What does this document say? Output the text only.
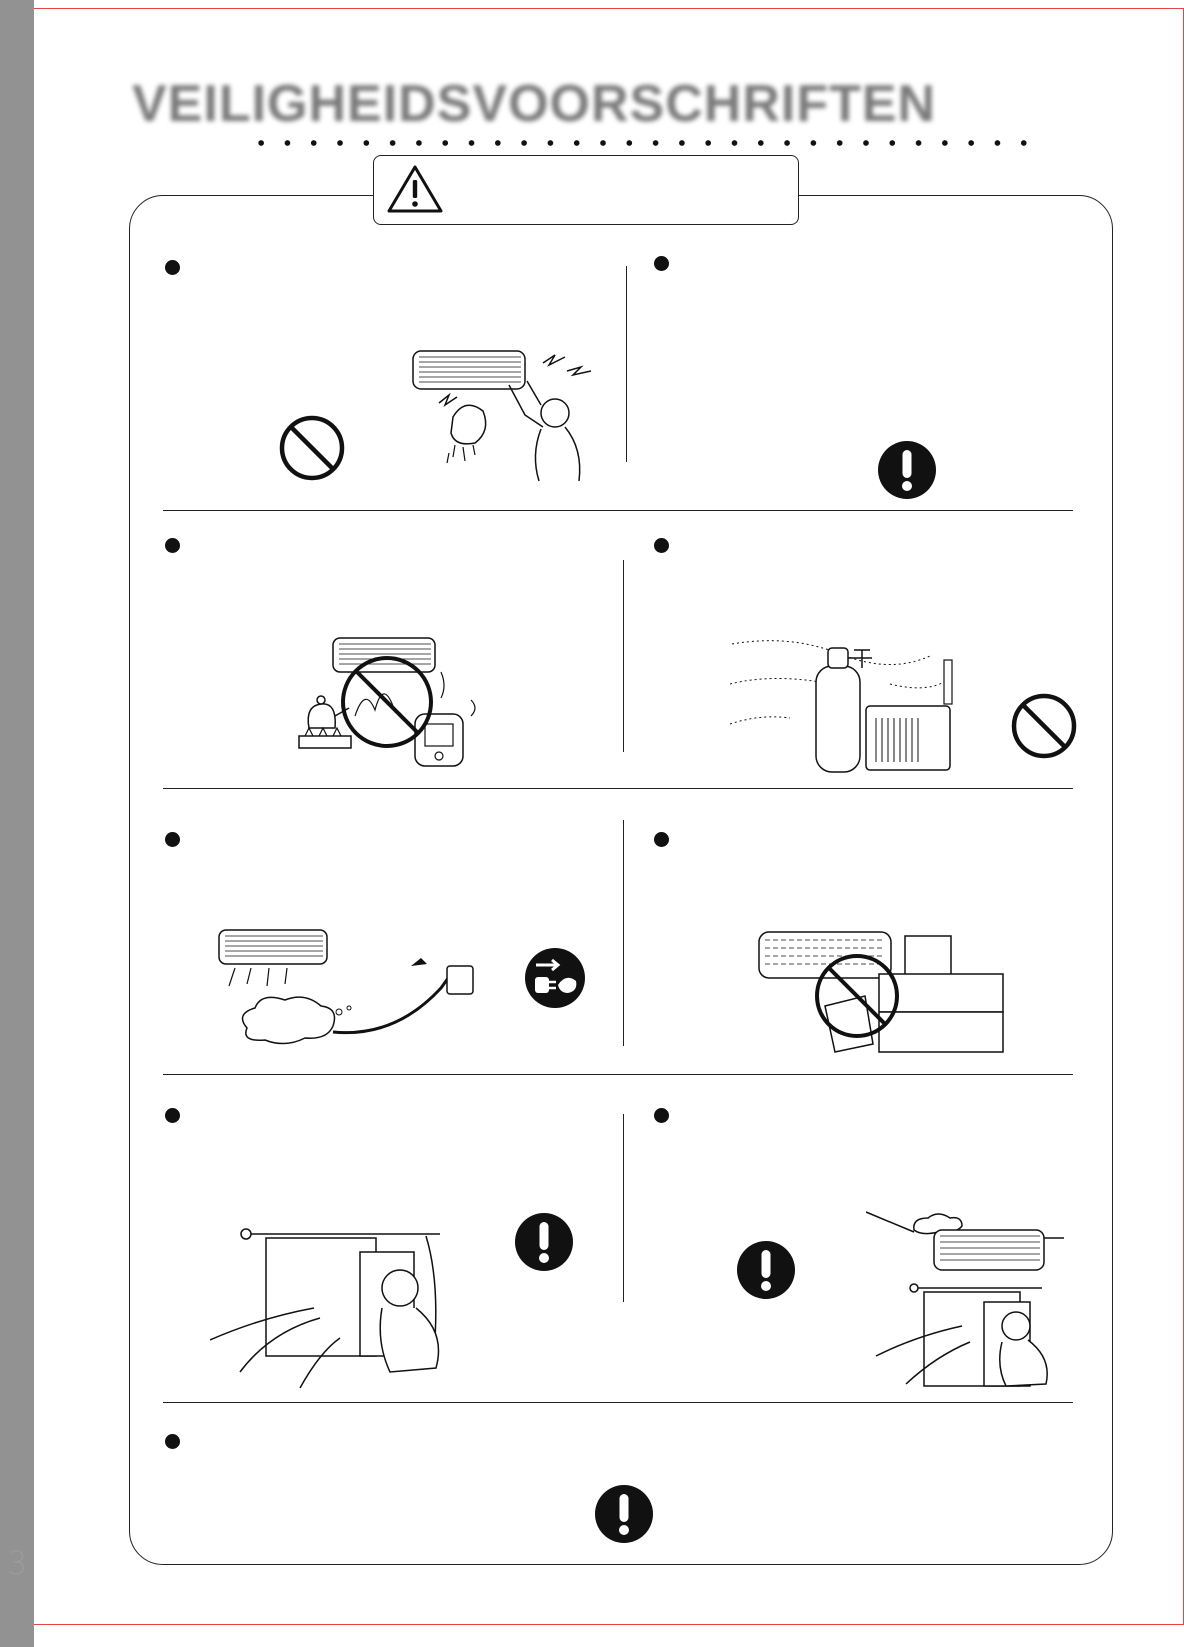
3
VEILIGHEIDSVOORSCHRIFTEN
